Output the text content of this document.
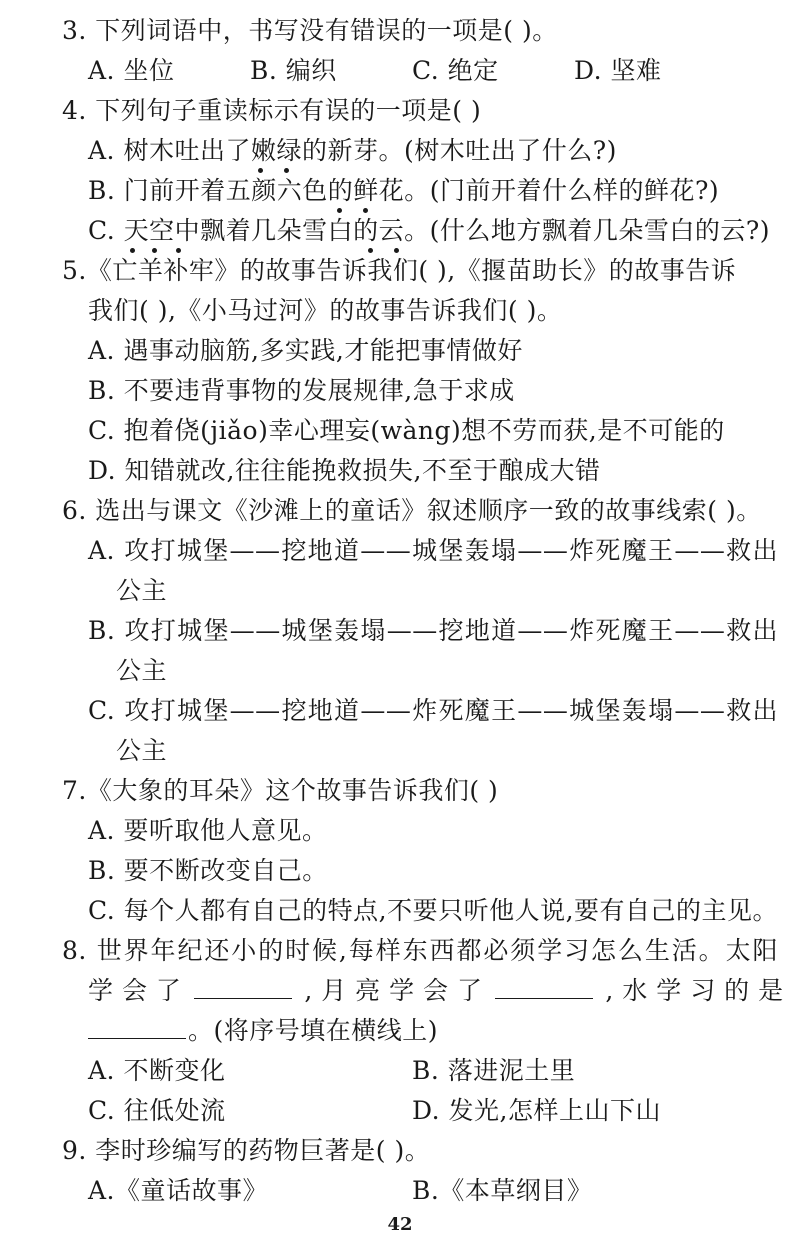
3. 下列词语中，书写没有错误的一项是( )。
A. 坐位	B. 编织	C. 绝定	D. 坚难
4. 下列句子重读标示有误的一项是( )
A. 树木吐出了嫩绿的新芽。(树木吐出了什么?)
B. 门前开着五颜六色的鲜花。(门前开着什么样的鲜花?)
C. 天空中飘着几朵雪白的云。(什么地方飘着几朵雪白的云?)
5.《亡羊补牢》的故事告诉我们( ),《揠苗助长》的故事告诉
我们( ),《小马过河》的故事告诉我们( )。
A. 遇事动脑筋,多实践,才能把事情做好
B. 不要违背事物的发展规律,急于求成
C. 抱着侥(jiǎo)幸心理妄(wàng)想不劳而获,是不可能的
D. 知错就改,往往能挽救损失,不至于酿成大错
6. 选出与课文《沙滩上的童话》叙述顺序一致的故事线索( )。
A. 攻打城堡——挖地道——城堡轰塌——炸死魔王——救出
公主
B. 攻打城堡——城堡轰塌——挖地道——炸死魔王——救出
公主
C. 攻打城堡——挖地道——炸死魔王——城堡轰塌——救出
公主
7.《大象的耳朵》这个故事告诉我们( )
A. 要听取他人意见。
B. 要不断改变自己。
C. 每个人都有自己的特点,不要只听他人说,要有自己的主见。
8. 世界年纪还小的时候,每样东西都必须学习怎么生活。太阳
学 会 了	, 月 亮 学 会 了	, 水 学 习 的 是
。(将序号填在横线上)
A. 不断变化	B. 落进泥土里
C. 往低处流	D. 发光,怎样上山下山
9. 李时珍编写的药物巨著是( )。
A.《童话故事》	B.《本草纲目》
42
